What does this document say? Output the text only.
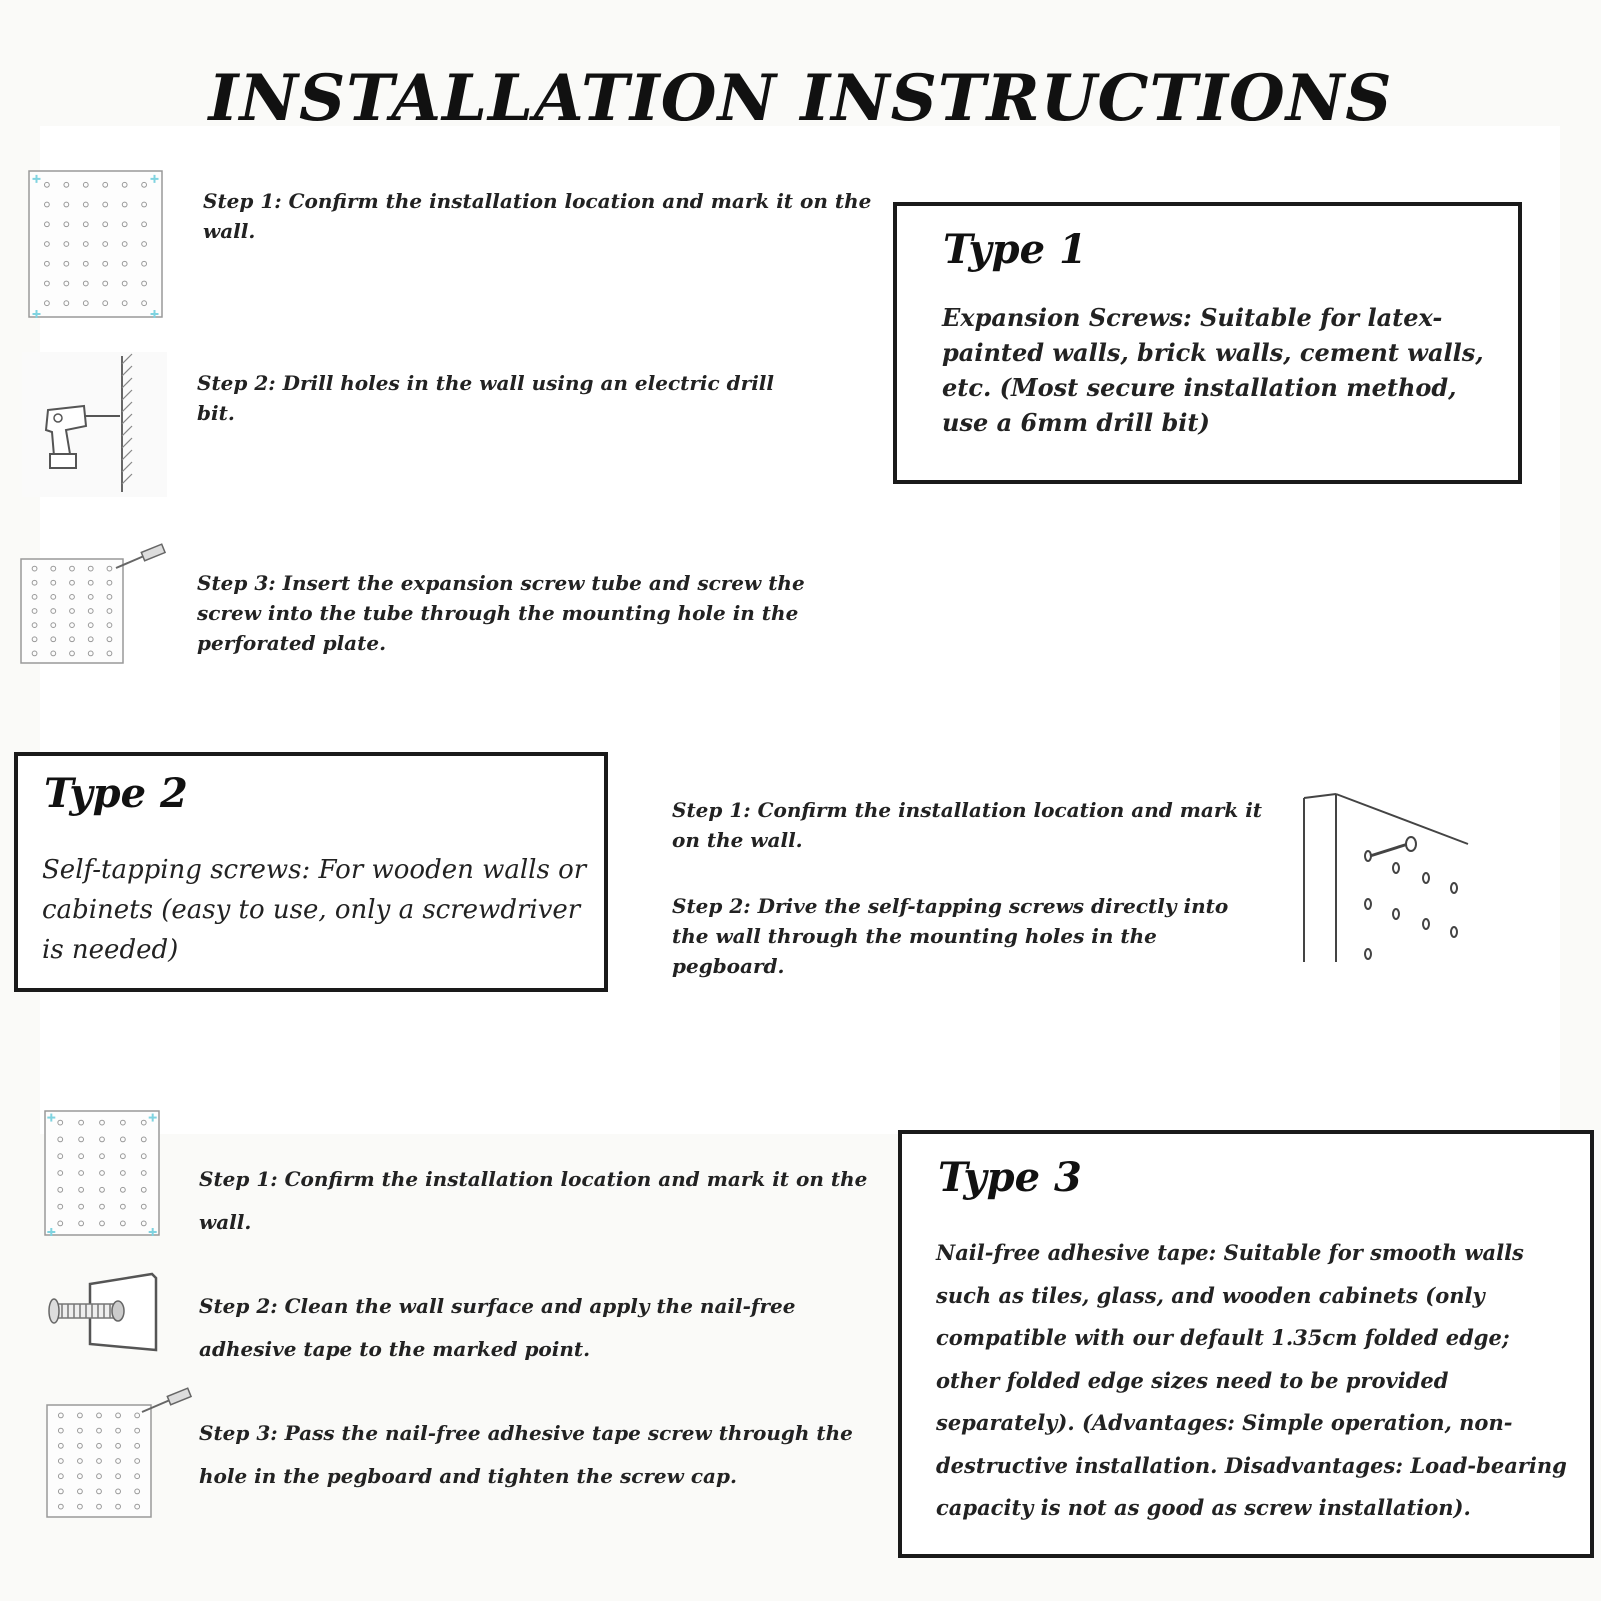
INSTALLATION INSTRUCTIONS

Step 1: Confirm the installation location and mark it on the wall.

Step 2: Drill holes in the wall using an electric drill bit.

Step 3: Insert the expansion screw tube and screw the screw into the tube through the mounting hole in the perforated plate.

Type 1

Expansion Screws: Suitable for latex-painted walls, brick walls, cement walls, etc. (Most secure installation method, use a 6mm drill bit)

Type 2

Self-tapping screws: For wooden walls or cabinets (easy to use, only a screwdriver is needed)

Step 1: Confirm the installation location and mark it on the wall.

Step 2: Drive the self-tapping screws directly into the wall through the mounting holes in the pegboard.

Step 1: Confirm the installation location and mark it on the wall.

Step 2: Clean the wall surface and apply the nail-free adhesive tape to the marked point.

Step 3: Pass the nail-free adhesive tape screw through the hole in the pegboard and tighten the screw cap.

Type 3

Nail-free adhesive tape: Suitable for smooth walls such as tiles, glass, and wooden cabinets (only compatible with our default 1.35cm folded edge; other folded edge sizes need to be provided separately). (Advantages: Simple operation, non-destructive installation. Disadvantages: Load-bearing capacity is not as good as screw installation).
